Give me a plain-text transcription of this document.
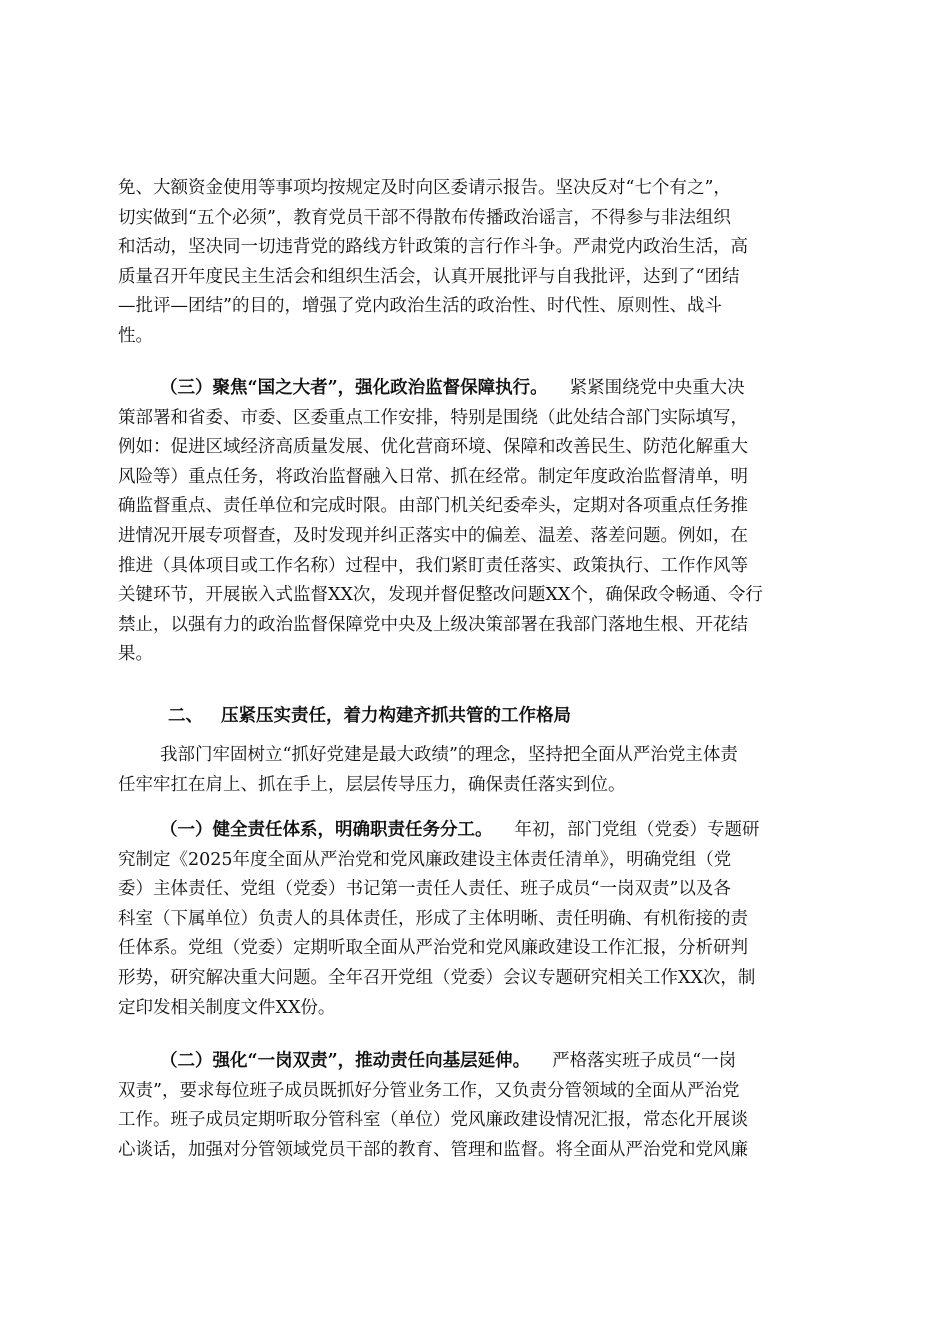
免、大额资金使用等事项均按规定及时向区委请示报告。坚决反对“七个有之”，
切实做到“五个必须”，教育党员干部不得散布传播政治谣言，不得参与非法组织
和活动，坚决同一切违背党的路线方针政策的言行作斗争。严肃党内政治生活，高
质量召开年度民主生活会和组织生活会，认真开展批评与自我批评，达到了“团结
—批评—团结”的目的，增强了党内政治生活的政治性、时代性、原则性、战斗
性。
（三）聚焦“国之大者”，强化政治监督保障执行。 紧紧围绕党中央重大决
策部署和省委、市委、区委重点工作安排，特别是围绕（此处结合部门实际填写，
例如：促进区域经济高质量发展、优化营商环境、保障和改善民生、防范化解重大
风险等）重点任务，将政治监督融入日常、抓在经常。制定年度政治监督清单，明
确监督重点、责任单位和完成时限。由部门机关纪委牵头，定期对各项重点任务推
进情况开展专项督查，及时发现并纠正落实中的偏差、温差、落差问题。例如，在
推进（具体项目或工作名称）过程中，我们紧盯责任落实、政策执行、工作作风等
关键环节，开展嵌入式监督XX次，发现并督促整改问题XX个，确保政令畅通、令行
禁止，以强有力的政治监督保障党中央及上级决策部署在我部门落地生根、开花结
果。
二、 压紧压实责任，着力构建齐抓共管的工作格局
我部门牢固树立“抓好党建是最大政绩”的理念，坚持把全面从严治党主体责
任牢牢扛在肩上、抓在手上，层层传导压力，确保责任落实到位。
（一）健全责任体系，明确职责任务分工。 年初，部门党组（党委）专题研
究制定《2025年度全面从严治党和党风廉政建设主体责任清单》，明确党组（党
委）主体责任、党组（党委）书记第一责任人责任、班子成员“一岗双责”以及各
科室（下属单位）负责人的具体责任，形成了主体明晰、责任明确、有机衔接的责
任体系。党组（党委）定期听取全面从严治党和党风廉政建设工作汇报，分析研判
形势，研究解决重大问题。全年召开党组（党委）会议专题研究相关工作XX次，制
定印发相关制度文件XX份。
（二）强化“一岗双责”，推动责任向基层延伸。 严格落实班子成员“一岗
双责”，要求每位班子成员既抓好分管业务工作，又负责分管领域的全面从严治党
工作。班子成员定期听取分管科室（单位）党风廉政建设情况汇报，常态化开展谈
心谈话，加强对分管领域党员干部的教育、管理和监督。将全面从严治党和党风廉
